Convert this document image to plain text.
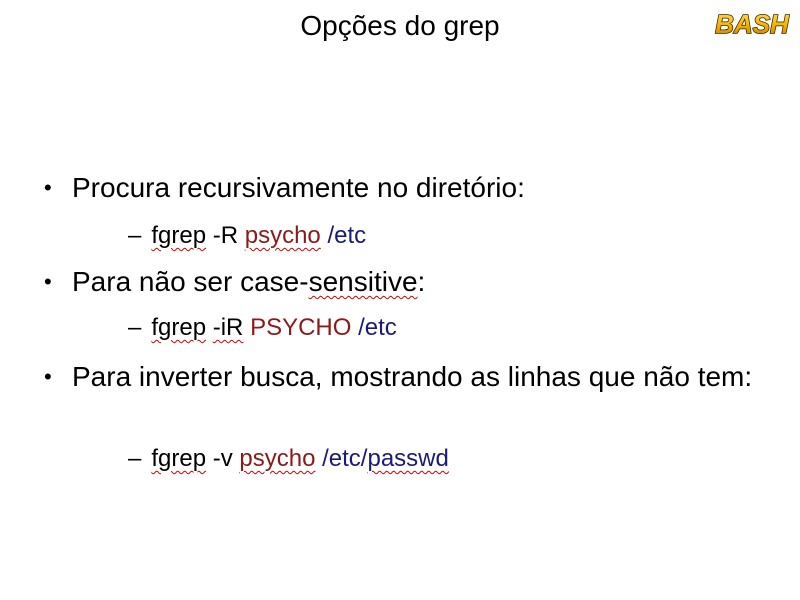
Opções do grep	BASH
• Procura recursivamente no diretório:
– fgrep -R psycho /etc
• Para não ser case-sensitive:
– fgrep -iR PSYCHO /etc
• Para inverter busca, mostrando as linhas que não tem:
– fgrep -v psycho /etc/passwd
